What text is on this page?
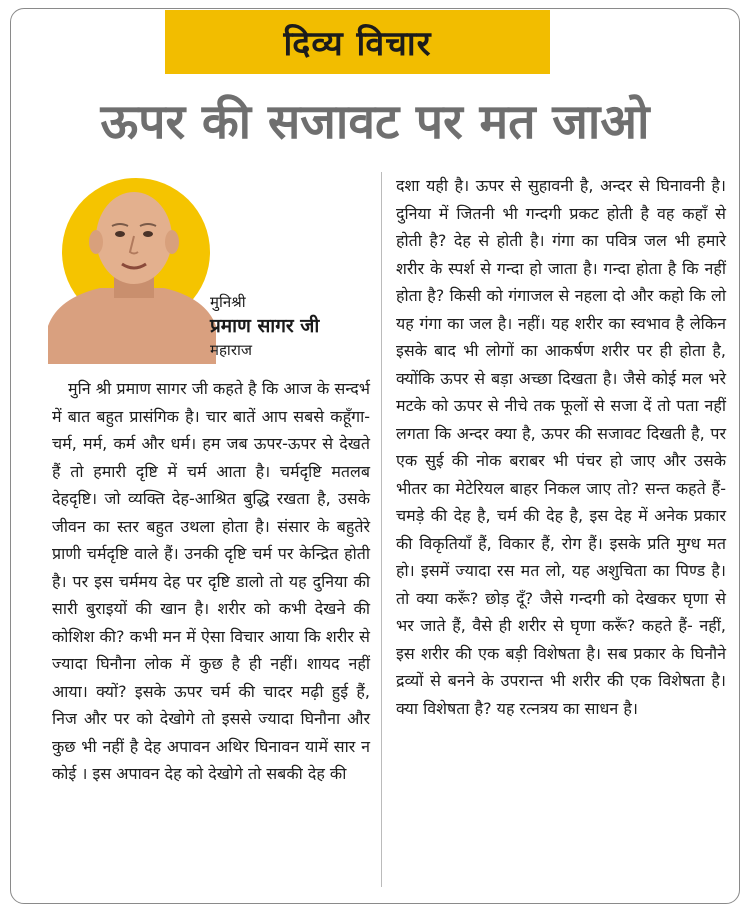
दिव्य विचार
ऊपर की सजावट पर मत जाओ
मुनिश्री
प्रमाण सागर जी
महाराज
मुनि श्री प्रमाण सागर जी कहते है कि आज के सन्दर्भ में बात बहुत प्रासंगिक है। चार बातें आप सबसे कहूँगा-चर्म, मर्म, कर्म और धर्म। हम जब ऊपर-ऊपर से देखते हैं तो हमारी दृष्टि में चर्म आता है। चर्मदृष्टि मतलब देहदृष्टि। जो व्यक्ति देह-आश्रित बुद्धि रखता है, उसके जीवन का स्तर बहुत उथला होता है। संसार के बहुतेरे प्राणी चर्मदृष्टि वाले हैं। उनकी दृष्टि चर्म पर केन्द्रित होती है। पर इस चर्ममय देह पर दृष्टि डालो तो यह दुनिया की सारी बुराइयों की खान है। शरीर को कभी देखने की कोशिश की? कभी मन में ऐसा विचार आया कि शरीर से ज्यादा घिनौना लोक में कुछ है ही नहीं। शायद नहीं आया। क्यों? इसके ऊपर चर्म की चादर मढ़ी हुई हैं, निज और पर को देखोगे तो इससे ज्यादा घिनौना और कुछ भी नहीं है देह अपावन अथिर घिनावन यामें सार न कोई । इस अपावन देह को देखोगे तो सबकी देह की
दशा यही है। ऊपर से सुहावनी है, अन्दर से घिनावनी है। दुनिया में जितनी भी गन्दगी प्रकट होती है वह कहाँ से होती है? देह से होती है। गंगा का पवित्र जल भी हमारे शरीर के स्पर्श से गन्दा हो जाता है। गन्दा होता है कि नहीं होता है? किसी को गंगाजल से नहला दो और कहो कि लो यह गंगा का जल है। नहीं। यह शरीर का स्वभाव है लेकिन इसके बाद भी लोगों का आकर्षण शरीर पर ही होता है, क्योंकि ऊपर से बड़ा अच्छा दिखता है। जैसे कोई मल भरे मटके को ऊपर से नीचे तक फूलों से सजा दें तो पता नहीं लगता कि अन्दर क्या है, ऊपर की सजावट दिखती है, पर एक सुई की नोक बराबर भी पंचर हो जाए और उसके भीतर का मेटेरियल बाहर निकल जाए तो? सन्त कहते हैं- चमड़े की देह है, चर्म की देह है, इस देह में अनेक प्रकार की विकृतियाँ हैं, विकार हैं, रोग हैं। इसके प्रति मुग्ध मत हो। इसमें ज्यादा रस मत लो, यह अशुचिता का पिण्ड है। तो क्या करूँ? छोड़ दूँ? जैसे गन्दगी को देखकर घृणा से भर जाते हैं, वैसे ही शरीर से घृणा करूँ? कहते हैं- नहीं, इस शरीर की एक बड़ी विशेषता है। सब प्रकार के घिनौने द्रव्यों से बनने के उपरान्त भी शरीर की एक विशेषता है। क्या विशेषता है? यह रत्नत्रय का साधन है।
